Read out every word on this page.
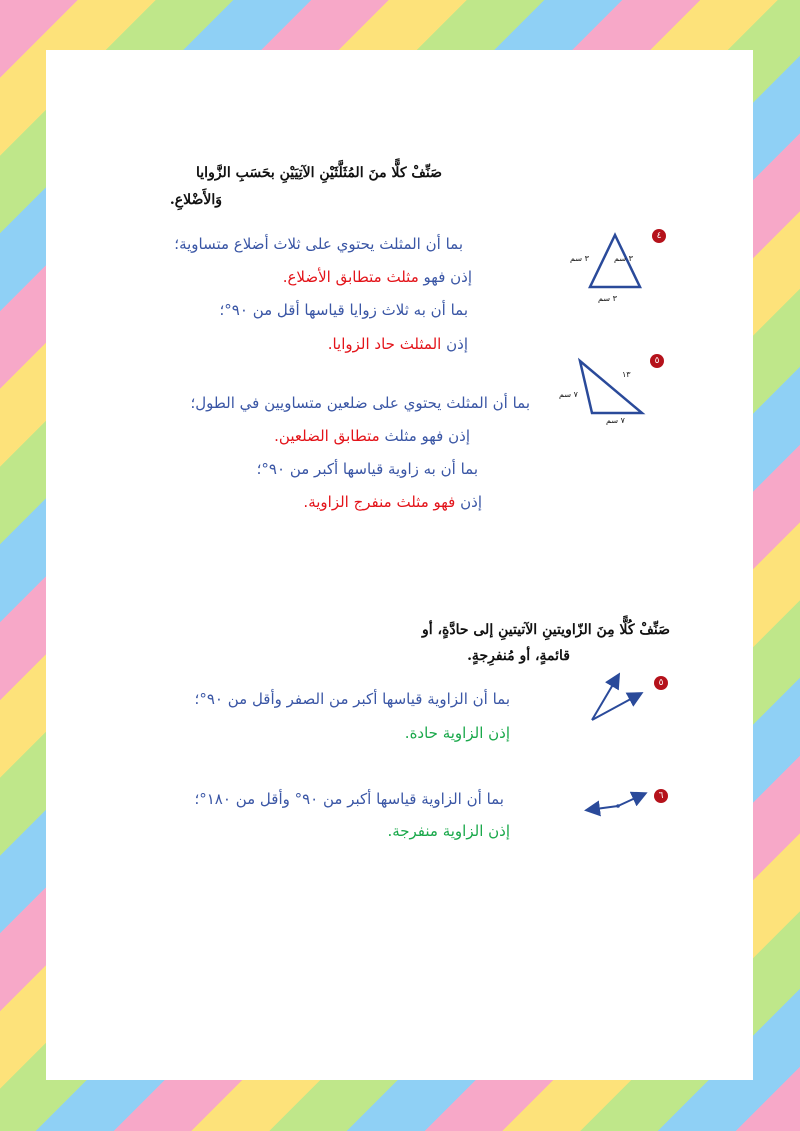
صَنِّفْ كلًّا منَ المُثَلَّثَيْنِ الآتِيَيْنِ بحَسَبِ الزَّوايا
وَالأَضْلاعِ.
٤
٣ سم
٣ سم
٣ سم
بما أن المثلث يحتوي على ثلاث أضلاع متساوية؛
إذن فهو مثلث متطابق الأضلاع.
بما أن به ثلاث زوايا قياسها أقل من ٩٠°؛
إذن المثلث حاد الزوايا.
٥
١٣
٧ سم
٧ سم
بما أن المثلث يحتوي على ضلعين متساويين في الطول؛
إذن فهو مثلث متطابق الضلعين.
بما أن به زاوية قياسها أكبر من ٩٠°؛
إذن فهو مثلث منفرج الزاوية.
صَنِّفْ كُلًّا مِنَ الزّاويتينِ الآتيتينِ إلى حادَّةٍ، أو
قائمةٍ، أو مُنفرِجةٍ.
٥
بما أن الزاوية قياسها أكبر من الصفر وأقل من ٩٠°؛
إذن الزاوية حادة.
٦
بما أن الزاوية قياسها أكبر من ٩٠° وأقل من ١٨٠°؛
إذن الزاوية منفرجة.
